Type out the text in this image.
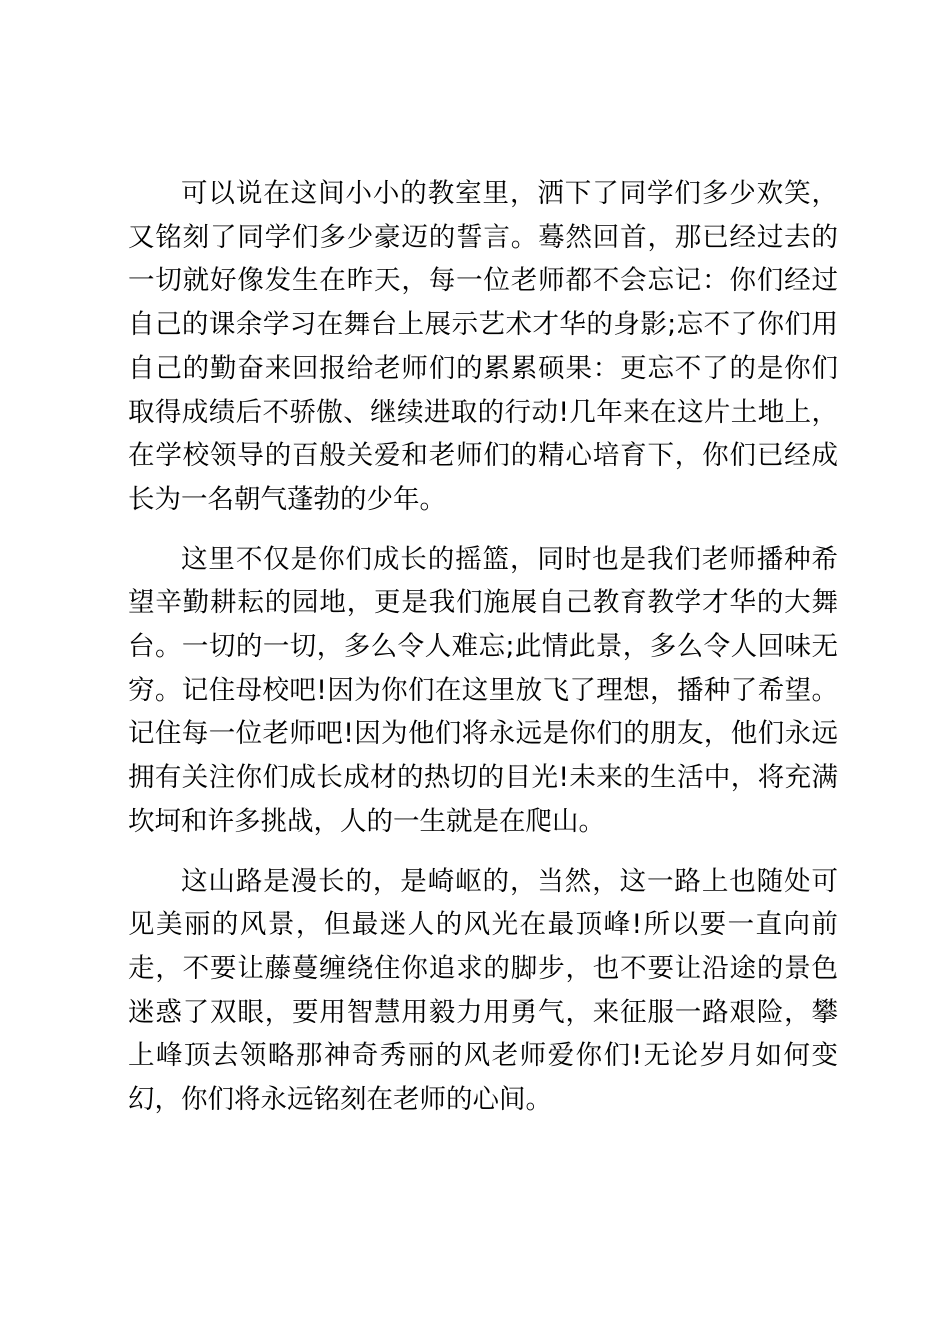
可以说在这间小小的教室里，洒下了同学们多少欢笑，又铭刻了同学们多少豪迈的誓言。蓦然回首，那已经过去的一切就好像发生在昨天，每一位老师都不会忘记：你们经过自己的课余学习在舞台上展示艺术才华的身影;忘不了你们用自己的勤奋来回报给老师们的累累硕果：更忘不了的是你们取得成绩后不骄傲、继续进取的行动!几年来在这片土地上，在学校领导的百般关爱和老师们的精心培育下，你们已经成长为一名朝气蓬勃的少年。

这里不仅是你们成长的摇篮，同时也是我们老师播种希望辛勤耕耘的园地，更是我们施展自己教育教学才华的大舞台。一切的一切，多么令人难忘;此情此景，多么令人回味无穷。记住母校吧!因为你们在这里放飞了理想，播种了希望。记住每一位老师吧!因为他们将永远是你们的朋友，他们永远拥有关注你们成长成材的热切的目光!未来的生活中，将充满坎坷和许多挑战，人的一生就是在爬山。

这山路是漫长的，是崎岖的，当然，这一路上也随处可见美丽的风景，但最迷人的风光在最顶峰!所以要一直向前走，不要让藤蔓缠绕住你追求的脚步，也不要让沿途的景色迷惑了双眼，要用智慧用毅力用勇气，来征服一路艰险，攀上峰顶去领略那神奇秀丽的风老师爱你们!无论岁月如何变幻，你们将永远铭刻在老师的心间。
